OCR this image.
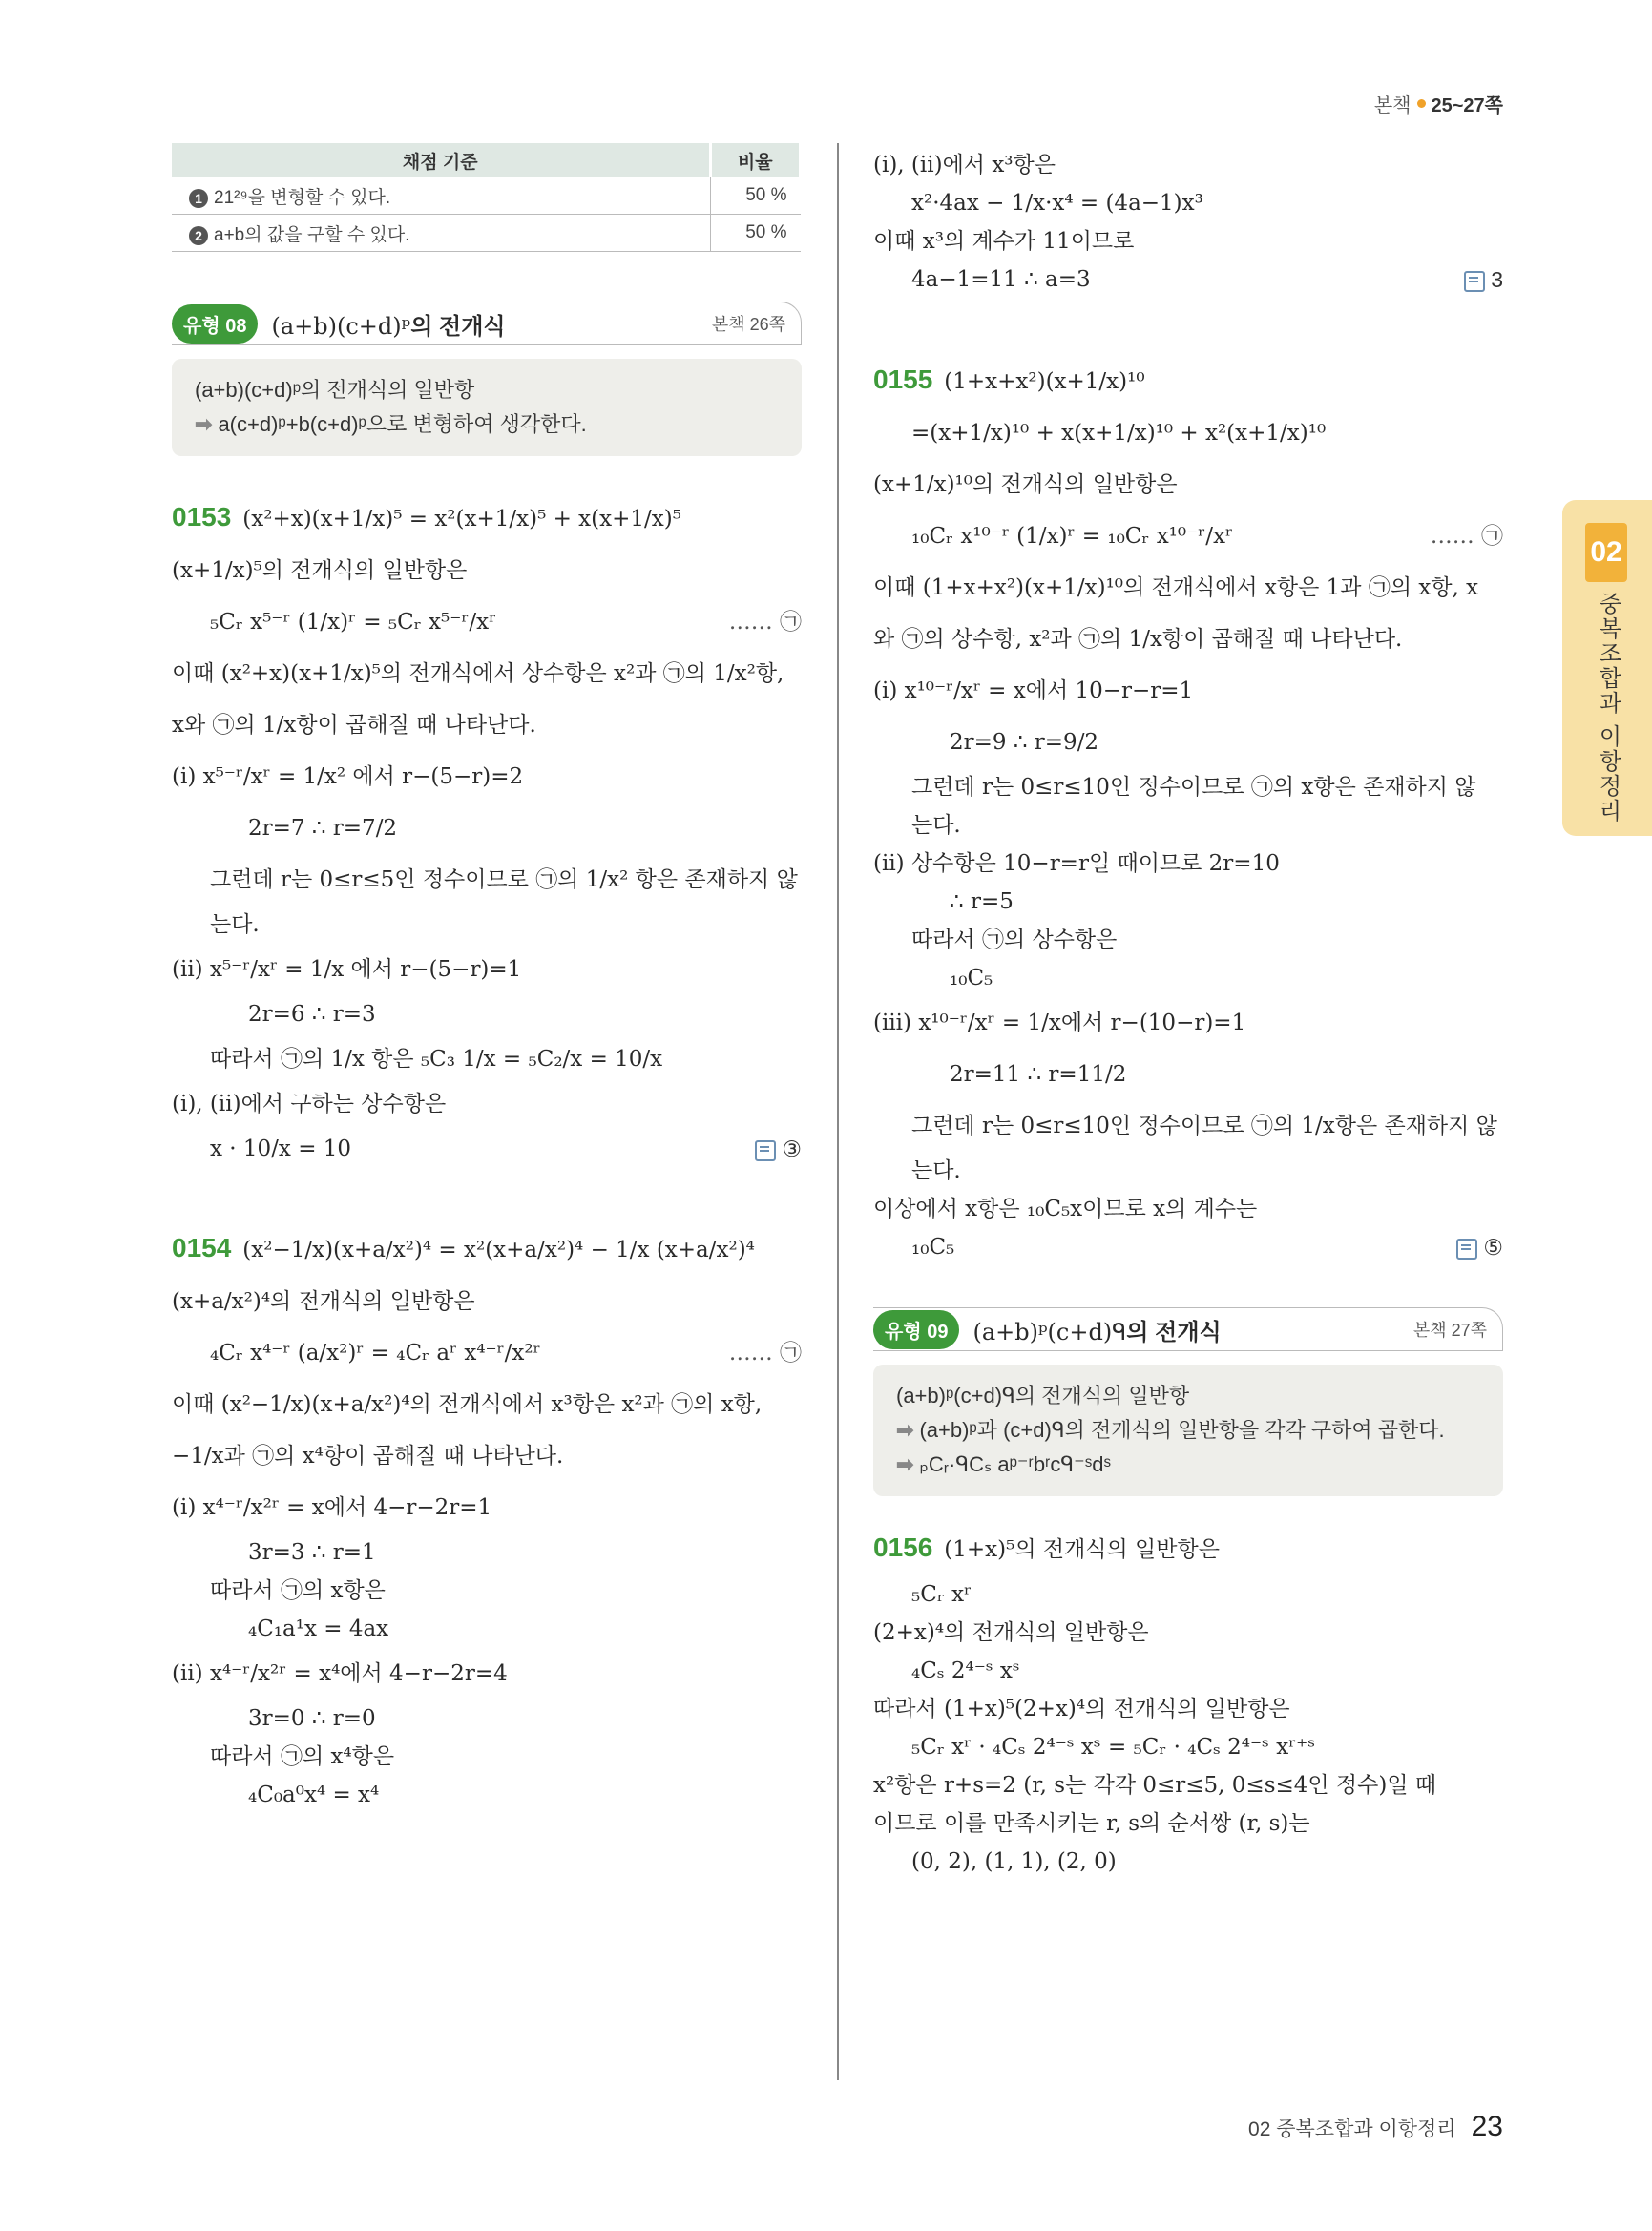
본책 25~27쪽
채점 기준	비율
1 21²⁹을 변형할 수 있다.	50 %
2 a+b의 값을 구할 수 있다.	50 %
유형 08	(a+b)(c+d)ᵖ의 전개식	본책 26쪽
(a+b)(c+d)ᵖ의 전개식의 일반항
➡ a(c+d)ᵖ+b(c+d)ᵖ으로 변형하여 생각한다.
0153 (x²+x)(x+1/x)⁵ = x²(x+1/x)⁵ + x(x+1/x)⁵
(x+1/x)⁵의 전개식의 일반항은
₅Cᵣ x⁵⁻ʳ (1/x)ʳ = ₅Cᵣ x⁵⁻ʳ/xʳ	…… ㉠
이때 (x²+x)(x+1/x)⁵의 전개식에서 상수항은 x²과 ㉠의 1/x²항,
x와 ㉠의 1/x항이 곱해질 때 나타난다.
(i) x⁵⁻ʳ/xʳ = 1/x² 에서 r−(5−r)=2
2r=7 ∴ r=7/2
그런데 r는 0≤r≤5인 정수이므로 ㉠의 1/x² 항은 존재하지 않
는다.
(ii) x⁵⁻ʳ/xʳ = 1/x 에서 r−(5−r)=1
2r=6 ∴ r=3
따라서 ㉠의 1/x 항은 ₅C₃ 1/x = ₅C₂/x = 10/x
(i), (ii)에서 구하는 상수항은
x · 10/x = 10	③
0154 (x²−1/x)(x+a/x²)⁴ = x²(x+a/x²)⁴ − 1/x (x+a/x²)⁴
(x+a/x²)⁴의 전개식의 일반항은
₄Cᵣ x⁴⁻ʳ (a/x²)ʳ = ₄Cᵣ aʳ x⁴⁻ʳ/x²ʳ	…… ㉠
이때 (x²−1/x)(x+a/x²)⁴의 전개식에서 x³항은 x²과 ㉠의 x항,
−1/x과 ㉠의 x⁴항이 곱해질 때 나타난다.
(i) x⁴⁻ʳ/x²ʳ = x에서 4−r−2r=1
3r=3 ∴ r=1
따라서 ㉠의 x항은
₄C₁a¹x = 4ax
(ii) x⁴⁻ʳ/x²ʳ = x⁴에서 4−r−2r=4
3r=0 ∴ r=0
따라서 ㉠의 x⁴항은
₄C₀a⁰x⁴ = x⁴
(i), (ii)에서 x³항은
x²·4ax − 1/x·x⁴ = (4a−1)x³
이때 x³의 계수가 11이므로
4a−1=11 ∴ a=3	3
0155 (1+x+x²)(x+1/x)¹⁰
=(x+1/x)¹⁰ + x(x+1/x)¹⁰ + x²(x+1/x)¹⁰
(x+1/x)¹⁰의 전개식의 일반항은
₁₀Cᵣ x¹⁰⁻ʳ (1/x)ʳ = ₁₀Cᵣ x¹⁰⁻ʳ/xʳ	…… ㉠
이때 (1+x+x²)(x+1/x)¹⁰의 전개식에서 x항은 1과 ㉠의 x항, x
와 ㉠의 상수항, x²과 ㉠의 1/x항이 곱해질 때 나타난다.
(i) x¹⁰⁻ʳ/xʳ = x에서 10−r−r=1
2r=9 ∴ r=9/2
그런데 r는 0≤r≤10인 정수이므로 ㉠의 x항은 존재하지 않
는다.
(ii) 상수항은 10−r=r일 때이므로 2r=10
∴ r=5
따라서 ㉠의 상수항은
₁₀C₅
(iii) x¹⁰⁻ʳ/xʳ = 1/x에서 r−(10−r)=1
2r=11 ∴ r=11/2
그런데 r는 0≤r≤10인 정수이므로 ㉠의 1/x항은 존재하지 않
는다.
이상에서 x항은 ₁₀C₅x이므로 x의 계수는
₁₀C₅	⑤
유형 09	(a+b)ᵖ(c+d)ᑫ의 전개식	본책 27쪽
(a+b)ᵖ(c+d)ᑫ의 전개식의 일반항
➡ (a+b)ᵖ과 (c+d)ᑫ의 전개식의 일반항을 각각 구하여 곱한다.
➡ ₚCᵣ·ᑫCₛ aᵖ⁻ʳbʳcᑫ⁻ˢdˢ
0156 (1+x)⁵의 전개식의 일반항은
₅Cᵣ xʳ
(2+x)⁴의 전개식의 일반항은
₄Cₛ 2⁴⁻ˢ xˢ
따라서 (1+x)⁵(2+x)⁴의 전개식의 일반항은
₅Cᵣ xʳ · ₄Cₛ 2⁴⁻ˢ xˢ = ₅Cᵣ · ₄Cₛ 2⁴⁻ˢ xʳ⁺ˢ
x²항은 r+s=2 (r, s는 각각 0≤r≤5, 0≤s≤4인 정수)일 때
이므로 이를 만족시키는 r, s의 순서쌍 (r, s)는
(0, 2), (1, 1), (2, 0)
02
중복조합과 이항정리
02 중복조합과 이항정리 23
